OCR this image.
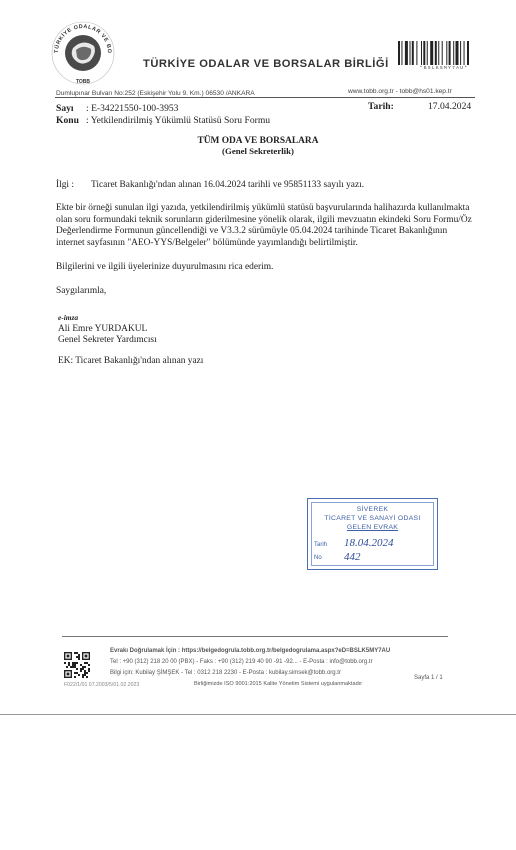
TÜRKİYE ODALAR VE BO
TOBB
TÜRKİYE ODALAR VE BORSALAR BİRLİĞİ	*BSLK5MY7AU*
Dumlupınar Bulvarı No:252 (Eskişehir Yolu 9. Km.) 06530 /ANKARA	www.tobb.org.tr - tobb@hs01.kep.tr
Sayı : E-34221550-100-3953
Konu : Yetkilendirilmiş Yükümlü Statüsü Soru Formu
Tarih:	17.04.2024
TÜM ODA VE BORSALARA
(Genel Sekreterlik)
İlgi : Ticaret Bakanlığı'ndan alınan 16.04.2024 tarihli ve 95851133 sayılı yazı.

Ekte bir örneği sunulan ilgi yazıda, yetkilendirilmiş yükümlü statüsü başvurularında halihazırda kullanılmakta

olan soru formundaki teknik sorunların giderilmesine yönelik olarak, ilgili mevzuatın ekindeki Soru Formu/Öz

Değerlendirme Formunun güncellendiği ve V3.3.2 sürümüyle 05.04.2024 tarihinde Ticaret Bakanlığının

internet sayfasının "AEO-YYS/Belgeler" bölümünde yayımlandığı belirtilmiştir.

Bilgilerini ve ilgili üyelerinize duyurulmasını rica ederim.
Saygılarımla,
e-imza
Ali Emre YURDAKUL
Genel Sekreter Yardımcısı
EK: Ticaret Bakanlığı'ndan alınan yazı
SİVEREK
TİCARET VE SANAYİ ODASI
GELEN EVRAK
Tarih 18.04.2024
No 442
Evrakı Doğrulamak İçin : https://belgedogrula.tobb.org.tr/belgedogrulama.aspx?eD=BSLK5MY7AU
Tel : +90 (312) 218 20 00 (PBX) - Faks : +90 (312) 219 40 90 -91 -92... - E-Posta : info@tobb.org.tr
Bilgi için: Kubilay ŞİMŞEK - Tel : 0312 218 2230 - E-Posta : kubilay.simsek@tobb.org.tr
F022/1/01 07.2003/5/01.02.2023	Birliğimizde ISO 9001:2015 Kalite Yönetim Sistemi uygulanmaktadır
Sayfa 1 / 1
